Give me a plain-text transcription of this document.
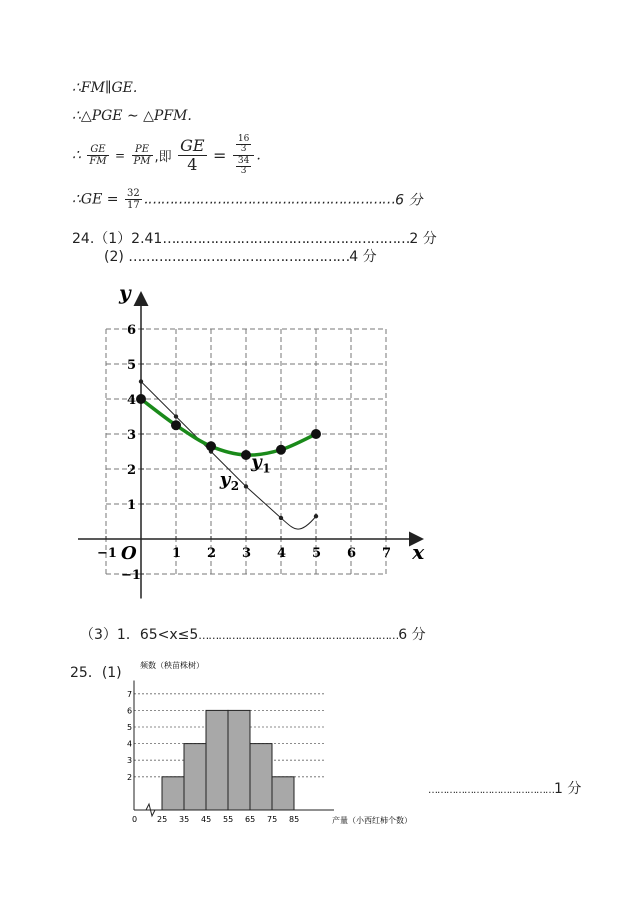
∴FM∥GE.
∴△PGE ∼ △PFM.
∴ $\frac{GE}{FM} = \frac{PE}{PM}$ ,即 $\frac{GE}{4} = \frac{\frac{16}{3}}{\frac{34}{3}}$ .
∴GE = $\frac{32}{17}$ .…………………………………………………6 分
24.（1）2.41…………………………………………………2 分
(2) ……………………………………………4 分
−1	1 2 3 4 5 6 7
−1
1
2
3
4
5
6
x
y
O
y 1
y 2
（3）1．65<x≤5……………………………………………………6 分
25．(1)
2
3
4
5
6
7
0 25 35 45 55 65 75 85
频数（秧苗株树）
产量（小西红柿个数）
……………………………………1 分
